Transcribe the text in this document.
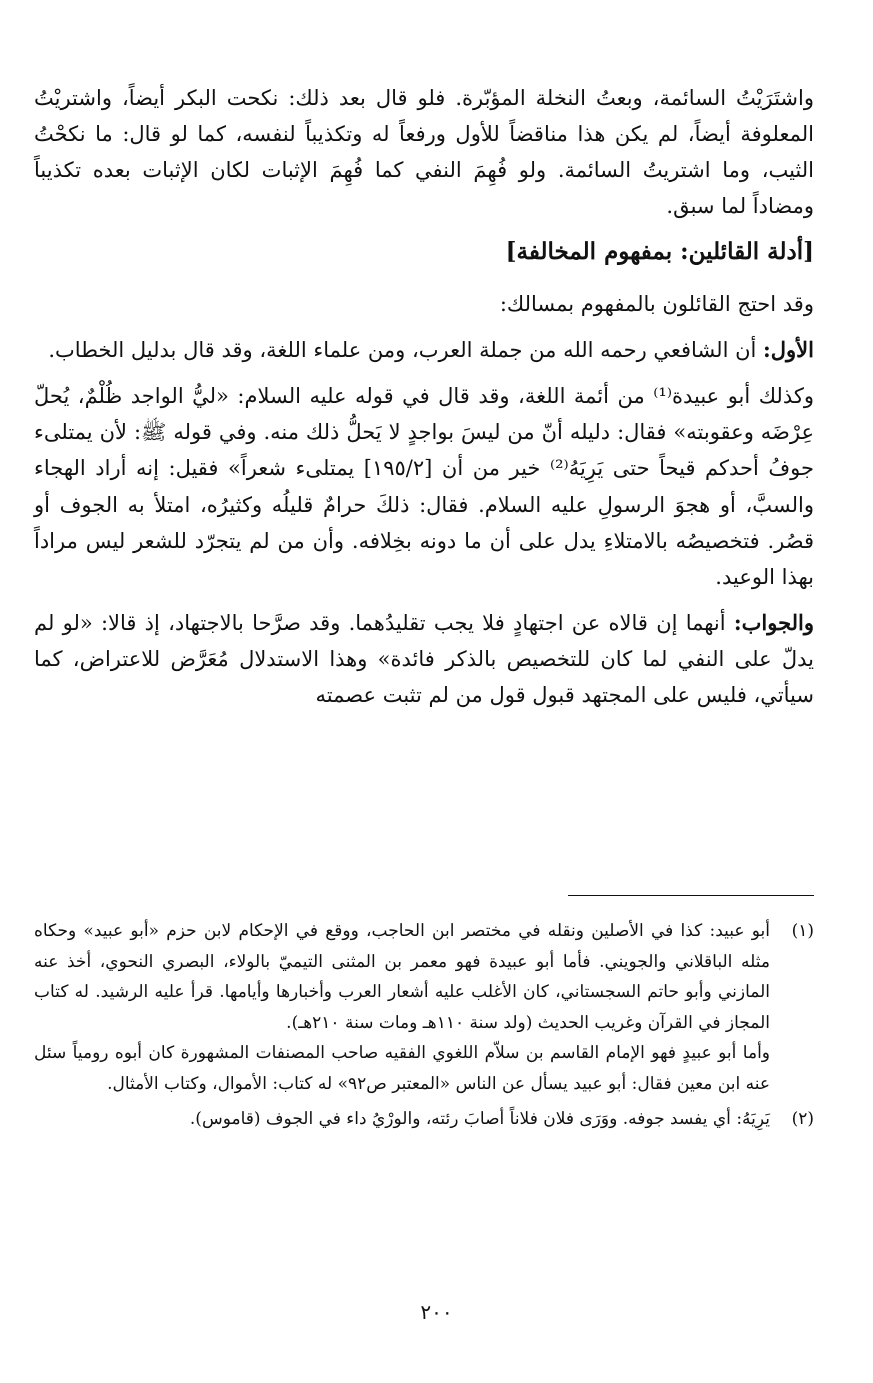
واشتَرَيْتُ السائمة، وبعتُ النخلة المؤبّرة. فلو قال بعد ذلك: نكحت البكر أيضاً، واشتريْتُ المعلوفة أيضاً، لم يكن هذا مناقضاً للأول ورفعاً له وتكذيباً لنفسه، كما لو قال: ما نكحْتُ الثيب، وما اشتريتُ السائمة. ولو فُهِمَ النفي كما فُهِمَ الإثبات لكان الإثبات بعده تكذيباً ومضاداً لما سبق.

[أدلة القائلين: بمفهوم المخالفة]

وقد احتج القائلون بالمفهوم بمسالك:

الأول: أن الشافعي رحمه الله من جملة العرب، ومن علماء اللغة، وقد قال بدليل الخطاب.

وكذلك أبو عبيدة⁽¹⁾ من أئمة اللغة، وقد قال في قوله عليه السلام: «ليُّ الواجد ظُلْمٌ، يُحلّ عِرْضَه وعقوبته» فقال: دليله أنّ من ليسَ بواجدٍ لا يَحلُّ ذلك منه. وفي قوله ﷺ: لأن يمتلىء جوفُ أحدكم قيحاً حتى يَرِيَهُ⁽²⁾ خير من أن [١٩٥/٢] يمتلىء شعراً» فقيل: إنه أراد الهجاء والسبَّ، أو هجوَ الرسولِ عليه السلام. فقال: ذلكَ حرامٌ قليلُه وكثيرُه، امتلأ به الجوف أو قصُر. فتخصيصُه بالامتلاءِ يدل على أن ما دونه بخِلافه. وأن من لم يتجرّد للشعر ليس مراداً بهذا الوعيد.

والجواب: أنهما إن قالاه عن اجتهادٍ فلا يجب تقليدُهما. وقد صرَّحا بالاجتهاد، إذ قالا: «لو لم يدلّ على النفي لما كان للتخصيص بالذكر فائدة» وهذا الاستدلال مُعَرَّض للاعتراض، كما سيأتي، فليس على المجتهد قبول قول من لم تثبت عصمته

(١)

أبو عبيد: كذا في الأصلين ونقله في مختصر ابن الحاجب، ووقع في الإحكام لابن حزم «أبو عبيد» وحكاه مثله الباقلاني والجويني. فأما أبو عبيدة فهو معمر بن المثنى التيميّ بالولاء، البصري النحوي، أخذ عنه المازني وأبو حاتم السجستاني، كان الأغلب عليه أشعار العرب وأخبارها وأيامها. قرأ عليه الرشيد. له كتاب المجاز في القرآن وغريب الحديث (ولد سنة ١١٠هـ ومات سنة ٢١٠هـ).

وأما أبو عبيدٍ فهو الإمام القاسم بن سلاّم اللغوي الفقيه صاحب المصنفات المشهورة كان أبوه رومياً سئل عنه ابن معين فقال: أبو عبيد يسأل عن الناس «المعتبر ص٩٢» له كتاب: الأموال، وكتاب الأمثال.

(٢)

يَرِيَهُ: أي يفسد جوفه. ووَرَى فلان فلاناً أصابَ رئته، والورْيُ داء في الجوف (قاموس).

٢٠٠
